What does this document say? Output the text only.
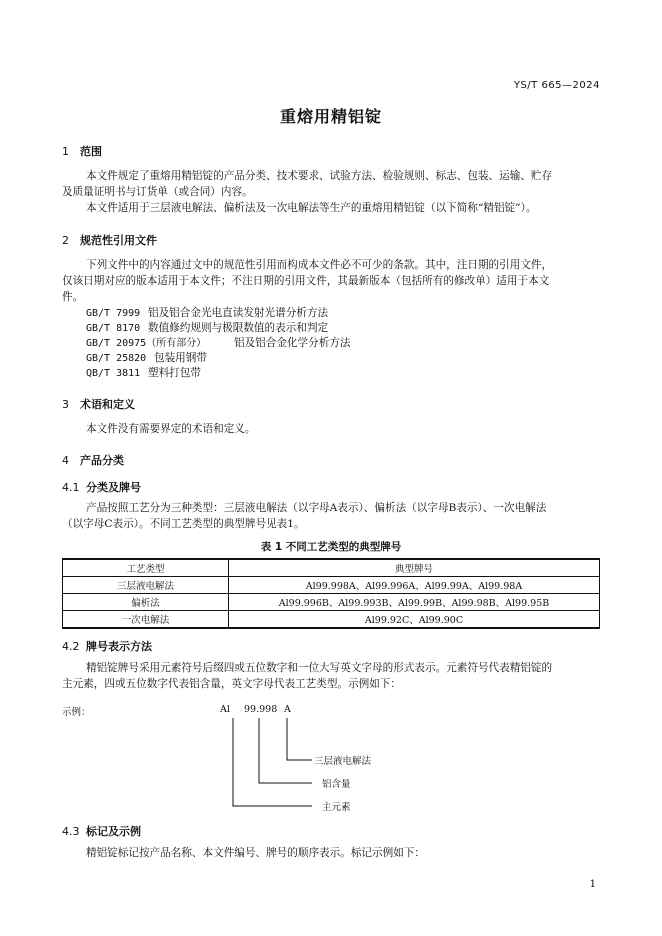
YS/T 665—2024
重熔用精铝锭
1 范围
本文件规定了重熔用精铝锭的产品分类、技术要求、试验方法、检验规则、标志、包装、运输、贮存
及质量证明书与订货单（或合同）内容。
本文件适用于三层液电解法、偏析法及一次电解法等生产的重熔用精铝锭（以下简称“精铝锭”）。
2 规范性引用文件
下列文件中的内容通过文中的规范性引用而构成本文件必不可少的条款。其中，注日期的引用文件，
仅该日期对应的版本适用于本文件；不注日期的引用文件，其最新版本（包括所有的修改单）适用于本文
件。
GB/T 7999 铝及铝合金光电直读发射光谱分析方法
GB/T 8170 数值修约规则与极限数值的表示和判定
GB/T 20975（所有部分）	铝及铝合金化学分析方法
GB/T 25820 包装用钢带
QB/T 3811 塑料打包带
3 术语和定义
本文件没有需要界定的术语和定义。
4 产品分类
4.1 分类及牌号
产品按照工艺分为三种类型：三层液电解法（以字母A表示）、偏析法（以字母B表示）、一次电解法
（以字母C表示）。不同工艺类型的典型牌号见表1。
表 1 不同工艺类型的典型牌号
工艺类型	典型牌号
三层液电解法	Al99.998A、Al99.996A、Al99.99A、Al99.98A
偏析法	Al99.996B、Al99.993B、Al99.99B、Al99.98B、Al99.95B
一次电解法	Al99.92C、Al99.90C
4.2 牌号表示方法
精铝锭牌号采用元素符号后缀四或五位数字和一位大写英文字母的形式表示。元素符号代表精铝锭的
主元素，四或五位数字代表铝含量，英文字母代表工艺类型。示例如下：
示例：	Al 99.998 A
三层液电解法
铝含量
主元素
4.3 标记及示例
精铝锭标记按产品名称、本文件编号、牌号的顺序表示。标记示例如下：
1
